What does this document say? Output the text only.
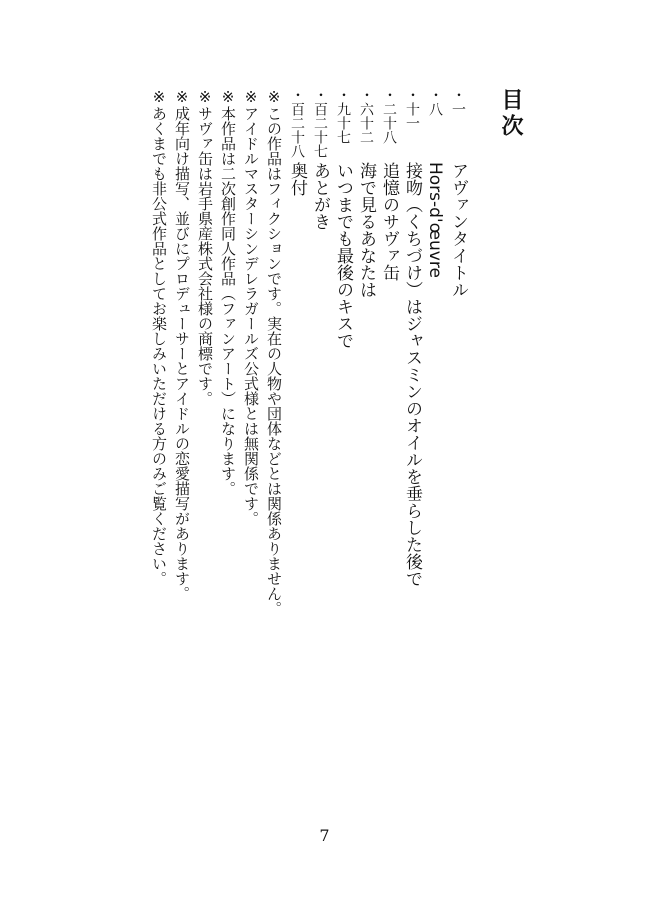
目次
一アヴァンタイトル
八Hors-d'œuvre
十一接吻（くちづけ）はジャスミンのオイルを垂らした後で
二十八追憶のサヴァ缶
六十二海で見るあなたは
九十七いつまでも最後のキスで
百二十七あとがき
百二十八奥付
※この作品はフィクションです。実在の人物や団体などとは関係ありません。
※アイドルマスターシンデレラガールズ公式様とは無関係です。
※本作品は二次創作同人作品（ファンアート）になります。
※サヴァ缶は岩手県産株式会社様の商標です。
※成年向け描写、並びにプロデューサーとアイドルの恋愛描写があります。
※あくまでも非公式作品としてお楽しみいただける方のみご覧ください。
7
